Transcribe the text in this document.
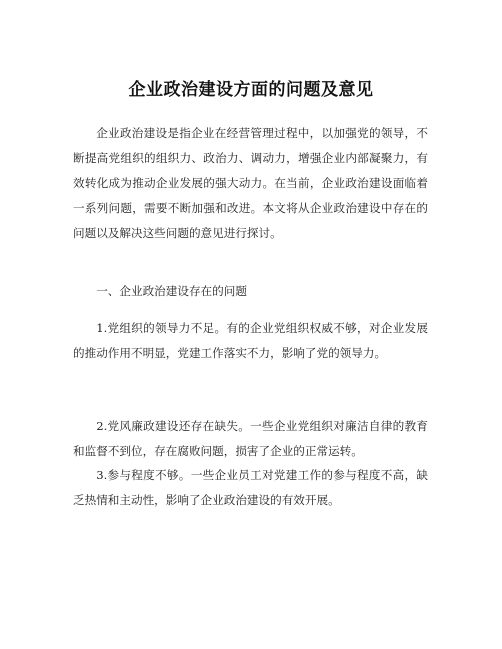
企业政治建设方面的问题及意见

企业政治建设是指企业在经营管理过程中，以加强党的领导，不断提高党组织的组织力、政治力、调动力，增强企业内部凝聚力，有效转化成为推动企业发展的强大动力。在当前，企业政治建设面临着一系列问题，需要不断加强和改进。本文将从企业政治建设中存在的问题以及解决这些问题的意见进行探讨。

一、企业政治建设存在的问题

1.党组织的领导力不足。有的企业党组织权威不够，对企业发展的推动作用不明显，党建工作落实不力，影响了党的领导力。

2.党风廉政建设还存在缺失。一些企业党组织对廉洁自律的教育和监督不到位，存在腐败问题，损害了企业的正常运转。

3.参与程度不够。一些企业员工对党建工作的参与程度不高，缺乏热情和主动性，影响了企业政治建设的有效开展。
